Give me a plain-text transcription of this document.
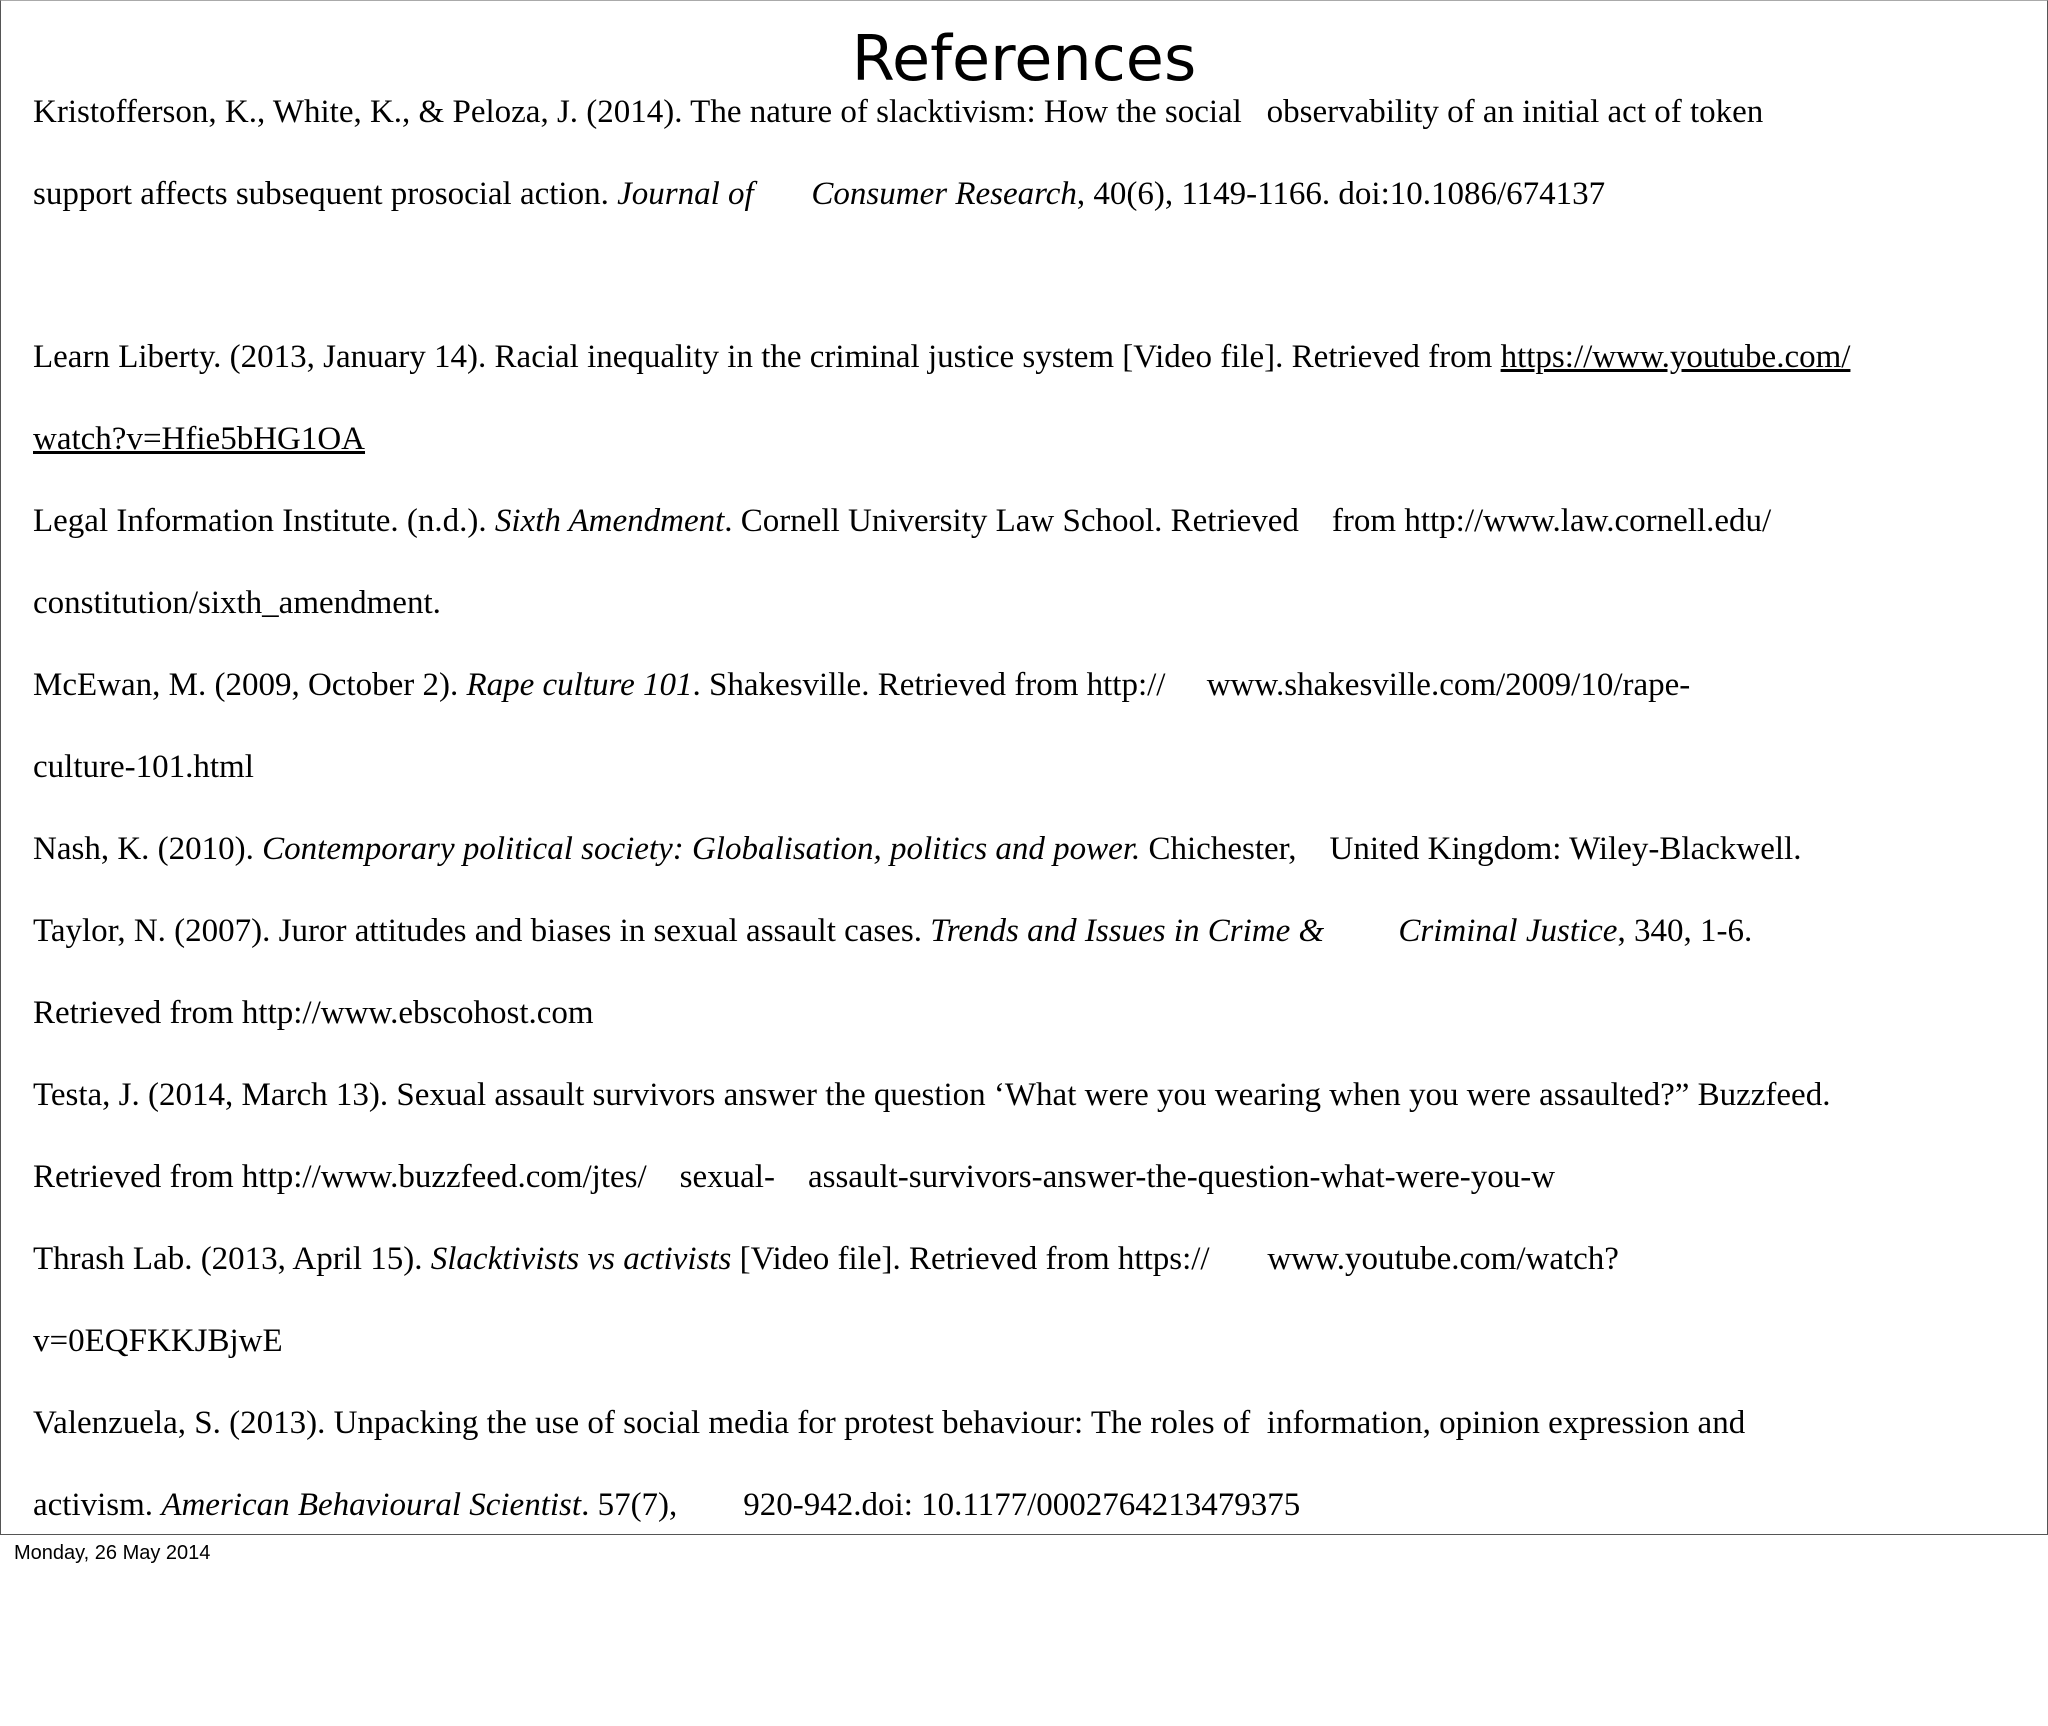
References
Kristofferson, K., White, K., & Peloza, J. (2014). The nature of slacktivism: How the social   observability of an initial act of token
support affects subsequent prosocial action. Journal of       Consumer Research, 40(6), 1149-1166. doi:10.1086/674137
Learn Liberty. (2013, January 14). Racial inequality in the criminal justice system [Video file]. Retrieved from https://www.youtube.com/
watch?v=Hfie5bHG1OA
Legal Information Institute. (n.d.). Sixth Amendment. Cornell University Law School. Retrieved    from http://www.law.cornell.edu/
constitution/sixth_amendment.
McEwan, M. (2009, October 2). Rape culture 101. Shakesville. Retrieved from http://     www.shakesville.com/2009/10/rape-
culture-101.html
Nash, K. (2010). Contemporary political society: Globalisation, politics and power. Chichester,    United Kingdom: Wiley-Blackwell.
Taylor, N. (2007). Juror attitudes and biases in sexual assault cases. Trends and Issues in Crime &         Criminal Justice, 340, 1-6.
Retrieved from http://www.ebscohost.com
Testa, J. (2014, March 13). Sexual assault survivors answer the question ‘What were you wearing when you were assaulted?” Buzzfeed.
Retrieved from http://www.buzzfeed.com/jtes/    sexual-    assault-survivors-answer-the-question-what-were-you-w
Thrash Lab. (2013, April 15). Slacktivists vs activists [Video file]. Retrieved from https://       www.youtube.com/watch?
v=0EQFKKJBjwE
Valenzuela, S. (2013). Unpacking the use of social media for protest behaviour: The roles of  information, opinion expression and
activism. American Behavioural Scientist. 57(7),        920-942.doi: 10.1177/0002764213479375
Monday, 26 May 2014
